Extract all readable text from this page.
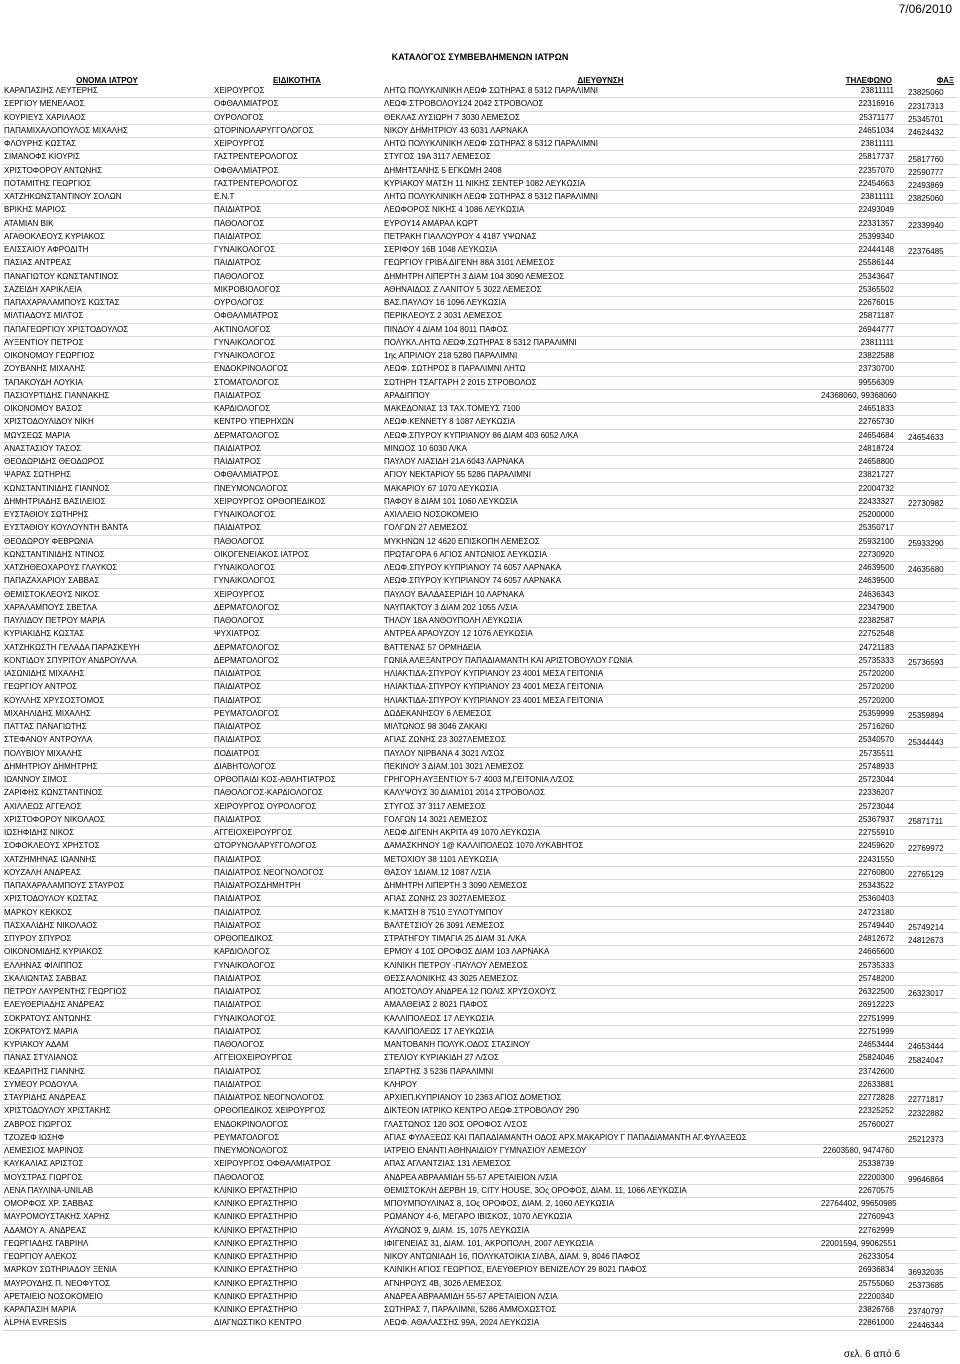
7/06/2010
ΚΑΤΑΛΟΓΟΣ ΣΥΜΒΕΒΛΗΜΕΝΩΝ ΙΑΤΡΩΝ
ΟΝΟΜΑ ΙΑΤΡΟΥ	ΕΙΔΙΚΟΤΗΤΑ	ΔΙΕΥΘΥΝΣΗ	ΤΗΛΕΦΩΝΟ	ΦΑΞ
ΚΑΡΑΠΑΣΙΗΣ ΛΕΥΤΕΡΗΣ	ΧΕΙΡΟΥΡΓΟΣ	ΛΗΤΩ ΠΟΛΥΚΛΙΝΙΚΗ ΛΕΩΦ ΣΩΤΗΡΑΣ 8 5312 ΠΑΡΑΛΙΜΝΙ	23811111	23825060
ΣΕΡΓΙΟΥ ΜΕΝΕΛΑΟΣ	ΟΦΘΑΛΜΙΑΤΡΟΣ	ΛΕΩΦ.ΣΤΡΟΒΟΛΟΥ124 2042 ΣΤΡΟΒΟΛΟΣ	22316916	22317313
ΚΟΥΡΙΕΥΣ ΧΑΡΙΛΑΟΣ	ΟΥΡΟΛΟΓΟΣ	ΘΕΚΛΑΣ ΛΥΣΙΩΡΗ 7 3030 ΛΕΜΕΣΟΣ	25371177	25345701
ΠΑΠΑΜΙΧΑΛΟΠΟΥΛΟΣ ΜΙΧΑΛΗΣ	ΩΤΟΡΙΝΟΛΑΡΥΓΓΟΛΟΓΟΣ	ΝΙΚΟΥ ΔΗΜΗΤΡΙΟΥ 43 6031 ΛΑΡΝΑΚΑ	24651034	24624432
ΦΛΟΥΡΗΣ ΚΩΣΤΑΣ	ΧΕΙΡΟΥΡΓΟΣ	ΛΗΤΩ ΠΟΛΥΚΛΙΝΙΚΗ ΛΕΩΦ ΣΩΤΗΡΑΣ 8 5312 ΠΑΡΑΛΙΜΝΙ	23811111	
ΣΙΜΑΝΟΦΣ ΚΙΟΥΡΙΣ	ΓΑΣΤΡΕΝΤΕΡΟΛΟΓΟΣ	ΣΤΥΓΟΣ 19Α 3117 ΛΕΜΕΣΟΣ	25817737	25817760
ΧΡΙΣΤΟΦΟΡΟΥ ΑΝΤΩΝΗΣ	ΟΦΘΑΛΜΙΑΤΡΟΣ	ΔΗΜΗΤΣΑΝΗΣ 5 ΕΓΚΩΜΗ 2408	22357070	22590777
ΠΟΤΑΜΙΤΗΣ ΓΕΩΡΓΙΟΣ	ΓΑΣΤΡΕΝΤΕΡΟΛΟΓΟΣ	ΚΥΡΙΑΚΟΥ ΜΑΤΣΗ 11 ΝΙΚΗΣ ΣΕΝΤΕΡ 1082 ΛΕΥΚΩΣΙΑ	22454663	22493869
ΧΑΤΖΗΚΩΝΣΤΑΝΤΙΝΟΥ ΣΟΛΩΝ	Ε.Ν.Τ	ΛΗΤΩ ΠΟΛΥΚΛΙΝΙΚΗ ΛΕΩΦ ΣΩΤΗΡΑΣ 8 5312 ΠΑΡΑΛΙΜΝΙ	23811111	23825060
ΒΡΙΚΗΣ ΜΑΡΙΟΣ	ΠΑΙΔΙΑΤΡΟΣ	ΛΕΩΦΟΡΟΣ ΝΙΚΗΣ 4 1086 ΛΕΥΚΩΣΙΑ	22493049	
ΑΤΑΜΙΑΝ ΒΙΚ	ΠΑΘΟΛΟΓΟΣ	ΕΥΡΟΥ14 ΑΜΑΡΑΛ ΚΩΡΤ	22331357	22339940
ΑΓΑΘΟΚΛΕΟΥΣ ΚΥΡΙΑΚΟΣ	ΠΑΙΔΙΑΤΡΟΣ	ΠΕΤΡΑΚΗ ΓΙΑΛΛΟΥΡΟΥ 4 4187 ΥΨΩΝΑΣ	25399340	
ΕΛΙΣΣΑΙΟΥ ΑΦΡΟΔΙΤΗ	ΓΥΝΑΙΚΟΛΟΓΟΣ	ΣΕΡΙΦΟΥ 16Β 1048 ΛΕΥΚΩΣΙΑ	22444148	22376485
ΠΑΣΙΑΣ ΑΝΤΡΕΑΣ	ΠΑΙΔΙΑΤΡΟΣ	ΓΕΩΡΓΙΟΥ ΓΡΙΒΑ ΔΙΓΕΝΗ 88Α 3101 ΛΕΜΕΣΟΣ	25586144	
ΠΑΝΑΓΙΩΤΟΥ ΚΩΝΣΤΑΝΤΙΝΟΣ	ΠΑΘΟΛΟΓΟΣ	ΔΗΜΗΤΡΗ ΛΙΠΕΡΤΗ 3 ΔΙΑΜ 104 3090 ΛΕΜΕΣΟΣ	25343647	
ΣΑΖΕΙΔΗ ΧΑΡΙΚΛΕΙΑ	ΜΙΚΡΟΒΙΟΛΟΓΟΣ	ΑΘΗΝΑΙΔΟΣ Ζ ΛΑΝΙΤΟΥ 5 3022 ΛΕΜΕΣΟΣ	25365502	
ΠΑΠΑΧΑΡΑΛΑΜΠΟΥΣ ΚΩΣΤΑΣ	ΟΥΡΟΛΟΓΟΣ	ΒΑΣ.ΠΑΥΛΟΥ 16 1096 ΛΕΥΚΩΣΙΑ	22676015	
ΜΙΛΤΙΑΔΟΥΣ ΜΙΛΤΟΣ	ΟΦΘΑΛΜΙΑΤΡΟΣ	ΠΕΡΙΚΛΕΟΥΣ 2 3031 ΛΕΜΕΣΟΣ	25871187	
ΠΑΠΑΓΕΩΡΓΙΟΥ ΧΡΙΣΤΟΔΟΥΛΟΣ	ΑΚΤΙΝΟΛΟΓΟΣ	ΠΙΝΔΟΥ 4 ΔΙΑΜ 104 8011 ΠΑΦΟΣ	26944777	
ΑΥΞΕΝΤΙΟΥ ΠΕΤΡΟΣ	ΓΥΝΑΙΚΟΛΟΓΟΣ	ΠΟΛΥΚΛ.ΛΗΤΩ ΛΕΩΦ.ΣΩΤΗΡΑΣ 8 5312 ΠΑΡΑΛΙΜΝΙ	23811111	
ΟΙΚΟΝΟΜΟΥ ΓΕΩΡΓΙΟΣ	ΓΥΝΑΙΚΟΛΟΓΟΣ	1ης ΑΠΡΙΛΙΟΥ 218 5280 ΠΑΡΑΛΙΜΝΙ	23822588	
ΖΟΥΒΑΝΗΣ ΜΙΧΑΛΗΣ	ΕΝΔΟΚΡΙΝΟΛΟΓΟΣ	ΛΕΩΦ. ΣΩΤΗΡΟΣ 8 ΠΑΡΑΛΙΜΝΙ ΛΗΤΩ	23730700	
ΤΑΠΑΚΟΥΔΗ ΛΟΥΚΙΑ	ΣΤΟΜΑΤΟΛΟΓΟΣ	ΣΩΤΗΡΗ ΤΣΑΓΓΑΡΗ 2 2015 ΣΤΡΟΒΟΛΟΣ	99556309	
ΠΑΣΙΟΥΡΤΙΔΗΣ ΓΙΑΝΝΑΚΗΣ	ΠΑΙΔΙΑΤΡΟΣ	ΑΡΑΔΙΠΠΟΥ	24368060, 99368060	
ΟΙΚΟΝΟΜΟΥ ΒΑΣΟΣ	ΚΑΡΔΙΟΛΟΓΟΣ	ΜΑΚΕΔΟΝΙΑΣ 13 ΤΑΧ.ΤΟΜΕΥΣ 7100	24651833	
ΧΡΙΣΤΟΔΟΥΛΙΔΟΥ ΝΙΚΗ	ΚΕΝΤΡΟ ΥΠΕΡΗΧΩΝ	ΛΕΩΦ.ΚΕΝΝΕΤΥ 8 1087 ΛΕΥΚΩΣΙΑ	22765730	
ΜΩΥΣΕΩΣ ΜΑΡΙΑ	ΔΕΡΜΑΤΟΛΟΓΟΣ	ΛΕΩΦ.ΣΠΥΡΟΥ ΚΥΠΡΙΑΝΟΥ 86 ΔΙΑΜ 403 6052 Λ/ΚΑ	24654684	24654633
ΑΝΑΣΤΑΣΙΟΥ ΤΑΣΟΣ	ΠΑΙΔΙΑΤΡΟΣ	ΜΙΝΩΟΣ 10 6030 Λ/ΚΑ	24818724	
ΘΕΟΔΩΡΙΔΗΣ ΘΕΟΔΩΡΟΣ	ΠΑΙΔΙΑΤΡΟΣ	ΠΑΥΛΟΥ ΛΙΑΣΙΔΗ 21Α 6043 ΛΑΡΝΑΚΑ	24658800	
ΨΑΡΑΣ ΣΩΤΗΡΗΣ	ΟΦΘΑΛΜΙΑΤΡΟΣ	ΑΓΙΟΥ ΝΕΚΤΑΡΙΟΥ 55 5286 ΠΑΡΑΛΙΜΝΙ	23821727	
ΚΩΝΣΤΑΝΤΙΝΙΔΗΣ ΓΙΑΝΝΟΣ	ΠΝΕΥΜΟΝΟΛΟΓΟΣ	ΜΑΚΑΡΙΟΥ 67 1070 ΛΕΥΚΩΣΙΑ	22004732	
ΔΗΜΗΤΡΙΑΔΗΣ ΒΑΣΙΛΕΙΟΣ	ΧΕΙΡΟΥΡΓΟΣ ΟΡΘΟΠΕΔΙΚΟΣ	ΠΑΦΟΥ 8 ΔΙΑΜ 101 1060 ΛΕΥΚΩΣΙΑ	22433327	22730982
ΕΥΣΤΑΘΙΟΥ ΣΩΤΗΡΗΣ	ΓΥΝΑΙΚΟΛΟΓΟΣ	ΑΧΙΛΛΕΙΟ ΝΟΣΟΚΟΜΕΙΟ	25200000	
ΕΥΣΤΑΘΙΟΥ ΚΟΥΛΟΥΝΤΗ ΒΑΝΤΑ	ΠΑΙΔΙΑΤΡΟΣ	ΓΟΛΓΩΝ 27 ΛΕΜΕΣΟΣ	25350717	
ΘΕΟΔΩΡΟΥ ΦΕΒΡΩΝΙΑ	ΠΑΘΟΛΟΓΟΣ	ΜΥΚΗΝΩΝ 12 4620 ΕΠΙΣΚΟΠΗ ΛΕΜΕΣΟΣ	25932100	25933290
ΚΩΝΣΤΑΝΤΙΝΙΔΗΣ ΝΤΙΝΟΣ	ΟΙΚΟΓΕΝΕΙΑΚΟΣ ΙΑΤΡΟΣ	ΠΡΩΤΑΓΟΡΑ 6 ΑΓΙΟΣ ΑΝΤΩΝΙΟΣ ΛΕΥΚΩΣΙΑ	22730920	
ΧΑΤΖΗΘΕΟΧΑΡΟΥΣ ΓΛΑΥΚΟΣ	ΓΥΝΑΙΚΟΛΟΓΟΣ	ΛΕΩΦ.ΣΠΥΡΟΥ ΚΥΠΡΙΑΝΟΥ 74 6057 ΛΑΡΝΑΚΑ	24639500	24635680
ΠΑΠΑΖΑΧΑΡΙΟΥ ΣΑΒΒΑΣ	ΓΥΝΑΙΚΟΛΟΓΟΣ	ΛΕΩΦ.ΣΠΥΡΟΥ ΚΥΠΡΙΑΝΟΥ 74 6057 ΛΑΡΝΑΚΑ	24639500	
ΘΕΜΙΣΤΟΚΛΕΟΥΣ ΝΙΚΟΣ	ΧΕΙΡΟΥΡΓΟΣ	ΠΑΥΛΟΥ ΒΑΛΔΑΣΕΡΙΔΗ 10 ΛΑΡΝΑΚΑ	24636343	
ΧΑΡΑΛΑΜΠΟΥΣ ΣΒΕΤΛΑ	ΔΕΡΜΑΤΟΛΟΓΟΣ	ΝΑΥΠΑΚΤΟΥ 3 ΔΙΑΜ 202 1055 Λ/ΣΙΑ	22347900	
ΠΑΥΛΙΔΟΥ ΠΕΤΡΟΥ ΜΑΡΙΑ	ΠΑΘΟΛΟΓΟΣ	ΤΗΛΟΥ 18Α ΑΝΘΟΥΠΟΛΗ ΛΕΥΚΩΣΙΑ	22382587	
ΚΥΡΙΑΚΙΔΗΣ ΚΩΣΤΑΣ	ΨΥΧΙΑΤΡΟΣ	ΑΝΤΡΕΑ ΑΡΑΟΥΖΟΥ 12 1076 ΛΕΥΚΩΣΙΑ	22752548	
ΧΑΤΖΗΚΩΣΤΗ ΓΕΛΑΔΑ ΠΑΡΑΣΚΕΥΗ	ΔΕΡΜΑΤΟΛΟΓΟΣ	ΒΑΤΤΕΝΑΣ 57 ΟΡΜΗΔΕΙΑ	24721183	
ΚΟΝΤΙΔΟΥ ΣΠΥΡΙΤΟΥ ΑΝΔΡΟΥΛΛΑ	ΔΕΡΜΑΤΟΛΟΓΟΣ	ΓΩΝΙΑ ΑΛΕΞΑΝΤΡΟΥ ΠΑΠΑΔΙΑΜΑΝΤΗ ΚΑΙ ΑΡΙΣΤΟΒΟΥΛΟΥ ΓΩΝΙΑ	25735333	25736593
ΙΑΣΩΝΙΔΗΣ ΜΙΧΑΛΗΣ	ΠΑΙΔΙΑΤΡΟΣ	ΗΛΙΑΚΤΙΔΑ-ΣΠΥΡΟΥ ΚΥΠΡΙΑΝΟΥ 23 4001 ΜΕΣΑ ΓΕΙΤΟΝΙΑ	25720200	
ΓΕΩΡΓΙΟΥ ΑΝΤΡΟΣ	ΠΑΙΔΙΑΤΡΟΣ	ΗΛΙΑΚΤΙΔΑ-ΣΠΥΡΟΥ ΚΥΠΡΙΑΝΟΥ 23 4001 ΜΕΣΑ ΓΕΙΤΟΝΙΑ	25720200	
ΚΟΥΛΛΗΣ ΧΡΥΣΟΣΤΟΜΟΣ	ΠΑΙΔΙΑΤΡΟΣ	ΗΛΙΑΚΤΙΔΑ-ΣΠΥΡΟΥ ΚΥΠΡΙΑΝΟΥ 23 4001 ΜΕΣΑ ΓΕΙΤΟΝΙΑ	25720200	
ΜΙΧΑΗΛΙΔΗΣ ΜΙΧΑΛΗΣ	ΡΕΥΜΑΤΟΛΟΓΟΣ	ΔΩΔΕΚΑΝΗΣΟΥ 6 ΛΕΜΕΣΟΣ	25359999	25359894
ΠΑΤΤΑΣ ΠΑΝΑΓΙΩΤΗΣ	ΠΑΙΔΙΑΤΡΟΣ	ΜΙΛΤΩΝΟΣ 98 3046 ΖΑΚΑΚΙ	25716260	
ΣΤΕΦΑΝΟΥ ΑΝΤΡΟΥΛΑ	ΠΑΙΔΙΑΤΡΟΣ	ΑΓΙΑΣ ΖΩΝΗΣ 23 3027ΛΕΜΕΣΟΣ	25340570	25344443
ΠΟΛΥΒΙΟΥ ΜΙΧΑΛΗΣ	ΠΟΔΙΑΤΡΟΣ	ΠΑΥΛΟΥ ΝΙΡΒΑΝΑ 4 3021 Λ/ΣΟΣ	25735511	
ΔΗΜΗΤΡΙΟΥ ΔΗΜΗΤΡΗΣ	ΔΙΑΒΗΤΟΛΟΓΟΣ	ΠΕΚΙΝΟΥ 3 ΔΙΑΜ.101 3021 ΛΕΜΕΣΟΣ	25748933	
ΙΩΑΝΝΟΥ ΣΙΜΟΣ	ΟΡΘΟΠΑΙΔΙ ΚΟΣ-ΑΘΛΗΤΙΑΤΡΟΣ	ΓΡΗΓΟΡΗ ΑΥΞΕΝΤΙΟΥ 5-7 4003 Μ.ΓΕΙΤΟΝΙΑ Λ/ΣΟΣ	25723044	
ΖΑΡΙΦΗΣ ΚΩΝΣΤΑΝΤΙΝΟΣ	ΠΑΘΟΛΟΓΟΣ-ΚΑΡΔΙΟΛΟΓΟΣ	ΚΑΛΥΨΟΥΣ 30 ΔΙΑΜ101 2014 ΣΤΡΟΒΟΛΟΣ	22336207	
ΑΧΙΛΛΕΩΣ ΑΓΓΕΛΟΣ	ΧΕΙΡΟΥΡΓΟΣ ΟΥΡΟΛΟΓΟΣ	ΣΤΥΓΟΣ 37 3117 ΛΕΜΕΣΟΣ	25723044	
ΧΡΙΣΤΟΦΟΡΟΥ ΝΙΚΟΛΑΟΣ	ΠΑΙΔΙΑΤΡΟΣ	ΓΟΛΓΩΝ 14 3021 ΛΕΜΕΣΟΣ	25367937	25871711
ΙΩΣΗΦΙΔΗΣ ΝΙΚΟΣ	ΑΓΓΕΙΟΧΕΙΡΟΥΡΓΟΣ	ΛΕΩΦ.ΔΙΓΕΝΗ ΑΚΡΙΤΑ 49 1070 ΛΕΥΚΩΣΙΑ	22755910	
ΣΟΦΟΚΛΕΟΥΣ ΧΡΗΣΤΟΣ	ΩΤΟΡΥΝΟΛΑΡΥΓΓΟΛΟΓΟΣ	ΔΑΜΑΣΚΗΝΟΥ 1@ ΚΑΛΛΙΠΟΛΕΩΣ 1070 ΛΥΚΑΒΗΤΟΣ	22459620	22769972
ΧΑΤΖΗΜΗΝΑΣ ΙΩΑΝΝΗΣ	ΠΑΙΔΙΑΤΡΟΣ	ΜΕΤΟΧΙΟΥ 38 1101 ΛΕΥΚΩΣΙΑ	22431550	
ΚΟΥΖΑΛΗ ΑΝΔΡΕΑΣ	ΠΑΙΔΙΑΤΡΟΣ ΝΕΟΓΝΟΛΟΓΟΣ	ΘΑΣΟΥ 1ΔΙΑΜ.12 1087 Λ/ΣΙΑ	22760800	22765129
ΠΑΠΑΧΑΡΑΛΑΜΠΟΥΣ ΣΤΑΥΡΟΣ	ΠΑΙΔΙΑΤΡΟΣΔΗΜΗΤΡΗ	ΔΗΜΗΤΡΗ ΛΙΠΕΡΤΗ 3 3090 ΛΕΜΕΣΟΣ	25343522	
ΧΡΙΣΤΟΔΟΥΛΟΥ ΚΩΣΤΑΣ	ΠΑΙΔΙΑΤΡΟΣ	ΑΓΙΑΣ ΖΩΝΗΣ 23 3027ΛΕΜΕΣΟΣ	25360403	
ΜΑΡΚΟΥ ΚΕΚΚΟΣ	ΠΑΙΔΙΑΤΡΟΣ	Κ.ΜΑΤΣΗ 8 7510 ΞΥΛΟΤΥΜΠΟΥ	24723180	
ΠΑΣΧΑΛΙΔΗΣ ΝΙΚΟΛΑΟΣ	ΠΑΙΔΙΑΤΡΟΣ	ΒΑΛΤΕΤΣΙΟΥ 26 3091 ΛΕΜΕΣΟΣ	25749440	25749214
ΣΠΥΡΟΥ ΣΠΥΡΟΣ	ΟΡΘΟΠΕΔΙΚΟΣ	ΣΤΡΑΤΗΓΟΥ ΤΙΜΑΓΙΑ 25 ΔΙΑΜ 31 Λ/ΚΑ	24812672	24812673
ΟΙΚΟΝΟΜΙΔΗΣ ΚΥΡΙΑΚΟΣ	ΚΑΡΔΙΟΛΟΓΟΣ	ΕΡΜΟΥ 4 10Σ ΟΡΟΦΟΣ ΔΙΑΜ 103 ΛΑΡΝΑΚΑ	24665600	
ΕΛΛΗΝΑΣ ΦΙΛΙΠΠΟΣ	ΓΥΝΑΙΚΟΛΟΓΟΣ	ΚΛΙΝΙΚΗ ΠΕΤΡΟΥ -ΠΑΥΛΟΥ ΛΕΜΕΣΟΣ	25735333	
ΣΚΑΛΙΩΝΤΑΣ ΣΑΒΒΑΣ	ΠΑΙΔΙΑΤΡΟΣ	ΘΕΣΣΑΛΟΝΙΚΗΣ 43 3025 ΛΕΜΕΣΟΣ	25748200	
ΠΕΤΡΟΥ ΛΑΥΡΕΝΤΗΣ ΓΕΩΡΓΙΟΣ	ΠΑΙΔΙΑΤΡΟΣ	ΑΠΟΣΤΟΛΟΥ ΑΝΔΡΕΑ 12 ΠΟΛΙΣ ΧΡΥΣΟΧΟΥΣ	26322500	26323017
ΕΛΕΥΘΕΡΙΑΔΗΣ ΑΝΔΡΕΑΣ	ΠΑΙΔΙΑΤΡΟΣ	ΑΜΑΛΘΕΙΑΣ 2 8021 ΠΑΦΟΣ	26912223	
ΣΟΚΡΑΤΟΥΣ ΑΝΤΩΝΗΣ	ΓΥΝΑΙΚΟΛΟΓΟΣ	ΚΑΛΛΙΠΟΛΕΩΣ 17 ΛΕΥΚΩΣΙΑ	22751999	
ΣΟΚΡΑΤΟΥΣ ΜΑΡΙΑ	ΠΑΙΔΙΑΤΡΟΣ	ΚΑΛΛΙΠΟΛΕΩΣ 17 ΛΕΥΚΩΣΙΑ	22751999	
ΚΥΡΙΑΚΟΥ ΑΔΑΜ	ΠΑΘΟΛΟΓΟΣ	ΜΑΝΤΟΒΑΝΗ ΠΟΛΥΚ.ΟΔΟΣ ΣΤΑΣΙΝΟΥ	24653444	24653444
ΠΑΝΑΣ ΣΤΥΛΙΑΝΟΣ	ΑΓΓΕΙΟΧΕΙΡΟΥΡΓΟΣ	ΣΤΕΛΙΟΥ ΚΥΡΙΑΚΙΔΗ 27 Λ/ΣΟΣ	25824046	25824047
ΚΕΔΑΡΙΤΗΣ ΓΙΑΝΝΗΣ	ΠΑΙΔΙΑΤΡΟΣ	ΣΠΑΡΤΗΣ 3 5236 ΠΑΡΑΛΙΜΝΙ	23742600	
ΣΥΜΕΟΥ ΡΟΔΟΥΛΑ	ΠΑΙΔΙΑΤΡΟΣ	ΚΛΗΡΟΥ	22633881	
ΣΤΑΥΡΙΔΗΣ ΑΝΔΡΕΑΣ	ΠΑΙΔΙΑΤΡΟΣ ΝΕΟΓΝΟΛΟΓΟΣ	ΑΡΧΙΕΠ.ΚΥΠΡΙΑΝΟΥ 10 2363 ΑΓΙΟΣ ΔΟΜΕΤΙΟΣ	22772828	22771817
ΧΡΙΣΤΟΔΟΥΛΟΥ ΧΡΙΣΤΑΚΗΣ	ΟΡΘΟΠΕΔΙΚΟΣ ΧΕΙΡΟΥΡΓΟΣ	ΔΙΚΤΕΟΝ ΙΑΤΡΙΚΟ ΚΕΝΤΡΟ ΛΕΩΦ.ΣΤΡΟΒΟΛΟΥ 290	22325252	22322882
ΖΑΒΡΟΣ ΓΙΩΡΓΟΣ	ΕΝΔΟΚΡΙΝΟΛΟΓΟΣ	ΓΛΑΣΤΩΝΟΣ 120 3ΟΣ ΟΡΟΦΟΣ Λ/ΣΟΣ	25760027	
ΤΖΟΖΕΦ ΙΩΣΗΦ	ΡΕΥΜΑΤΟΛΟΓΟΣ	ΑΓΙΑΣ ΦΥΛΑΞΕΩΣ ΚΑΙ ΠΑΠΑΔΙΑΜΑΝΤΗ ΟΔΟΣ ΑΡΧ.ΜΑΚΑΡΙΟΥ Γ ΠΑΠΑΔΙΑΜΑΝΤΗ ΑΓ.ΦΥΛΑΞΕΩΣ		25212373
ΛΕΜΕΣΙΟΣ ΜΑΡΙΝΟΣ	ΠΝΕΥΜΟΝΟΛΟΓΟΣ	ΙΑΤΡΕΙΟ ΕΝΑΝΤΙ ΑΘΗΝΑΙΔΙΟΥ ΓΥΜΝΑΣΙΟΥ ΛΕΜΕΣΟΥ	22603580, 9474760	
ΚΑΥΚΑΛΙΑΣ ΑΡΙΣΤΟΣ	ΧΕΙΡΟΥΡΓΟΣ ΟΦΘΑΛΜΙΑΤΡΟΣ	ΑΠΑΣ ΑΓΛΑΝΤΖΙΑΣ 131 ΛΕΜΕΣΟΣ	25338739	
ΜΟΥΣΤΡΑΣ ΓΙΩΡΓΟΣ	ΠΑΘΟΛΟΓΟΣ	ΑΝΔΡΕΑ ΑΒΡΑΑΜΙΔΗ 55-57 ΑΡΕΤΑΙΕΙΟΝ Λ/ΣΙΑ	22200300	99646864
ΛΕΝΑ ΠΑΥΛΙΝΑ-UNILAB	ΚΛΙΝΙΚΟ ΕΡΓΑΣΤΗΡΙΟ	ΘΕΜΙΣΤΟΚΛΗ ΔΕΡΒΗ 19, CITY HOUSE, 3Ος ΟΡΟΦΟΣ, ΔΙΑΜ. 11, 1066 ΛΕΥΚΩΣΙΑ	22670575	
ΟΜΟΡΦΟΣ ΧΡ. ΣΑΒΒΑΣ	ΚΛΙΝΙΚΟ ΕΡΓΑΣΤΗΡΙΟ	ΜΠΟΥΜΠΟΥΛΙΝΑΣ 8, 1Ος ΟΡΟΦΟΣ, ΔΙΑΜ. 2, 1060 ΛΕΥΚΩΣΙΑ	22764402, 99650985	
ΜΑΥΡΟΜΟΥΣΤΑΚΗΣ ΧΑΡΗΣ	ΚΛΙΝΙΚΟ ΕΡΓΑΣΤΗΡΙΟ	ΡΩΜΑΝΟΥ 4-6, ΜΕΓΑΡΟ ΙΒΙΣΚΟΣ, 1070 ΛΕΥΚΩΣΙΑ	22760943	
ΑΔΑΜΟΥ Α. ΑΝΔΡΕΑΣ	ΚΛΙΝΙΚΟ ΕΡΓΑΣΤΗΡΙΟ	ΑΥΛΩΝΟΣ 9, ΔΙΑΜ. 15, 1075 ΛΕΥΚΩΣΙΑ	22762999	
ΓΕΩΡΓΙΑΔΗΣ ΓΑΒΡΙΗΛ	ΚΛΙΝΙΚΟ ΕΡΓΑΣΤΗΡΙΟ	ΙΦΙΓΕΝΕΙΑΣ 31, ΔΙΑΜ. 101, ΑΚΡΟΠΟΛΗ, 2007 ΛΕΥΚΩΣΙΑ	22001594, 99062551	
ΓΕΩΡΓΙΟΥ ΑΛΕΚΟΣ	ΚΛΙΝΙΚΟ ΕΡΓΑΣΤΗΡΙΟ	ΝΙΚΟΥ ΑΝΤΩΝΙΑΔΗ 16, ΠΟΛΥΚΑΤΟΙΚΙΑ ΣΙΛΒΑ, ΔΙΑΜ. 9, 8046 ΠΑΦΟΣ	26233054	
ΜΑΡΚΟΥ ΣΩΤΗΡΙΑΔΟΥ ΞΕΝΙΑ	ΚΛΙΝΙΚΟ ΕΡΓΑΣΤΗΡΙΟ	ΚΛΙΝΙΚΗ ΑΓΙΟΣ ΓΕΩΡΓΙΟΣ, ΕΛΕΥΘΕΡΙΟΥ ΒΕΝΙΖΕΛΟΥ 29 8021 ΠΑΦΟΣ	26936834	36932035
ΜΑΥΡΟΥΔΗΣ Π. ΝΕΟΦΥΤΟΣ	ΚΛΙΝΙΚΟ ΕΡΓΑΣΤΗΡΙΟ	ΑΓΝΗΡΟΥΣ 4Β, 3026 ΛΕΜΕΣΟΣ	25755060	25373685
ΑΡΕΤΑΙΕΙΟ ΝΟΣΟΚΟΜΕΙΟ	ΚΛΙΝΙΚΟ ΕΡΓΑΣΤΗΡΙΟ	ΑΝΔΡΕΑ ΑΒΡΑΑΜΙΔΗ 55-57 ΑΡΕΤΑΙΕΙΟΝ Λ/ΣΙΑ	22200340	
ΚΑΡΑΠΑΣΙΗ ΜΑΡΙΑ	ΚΛΙΝΙΚΟ ΕΡΓΑΣΤΗΡΙΟ	ΣΩΤΗΡΑΣ 7, ΠΑΡΑΛΙΜΝΙ, 5286 ΑΜΜΟΧΩΣΤΟΣ	23826768	23740797
ALPHA EVRESIS	ΔΙΑΓΝΩΣΤΙΚΟ ΚΕΝΤΡΟ	ΛΕΩΦ. ΑΘΑΛΑΣΣΗΣ 99Α, 2024 ΛΕΥΚΩΣΙΑ	22861000	22446344
σελ. 6 από 6
